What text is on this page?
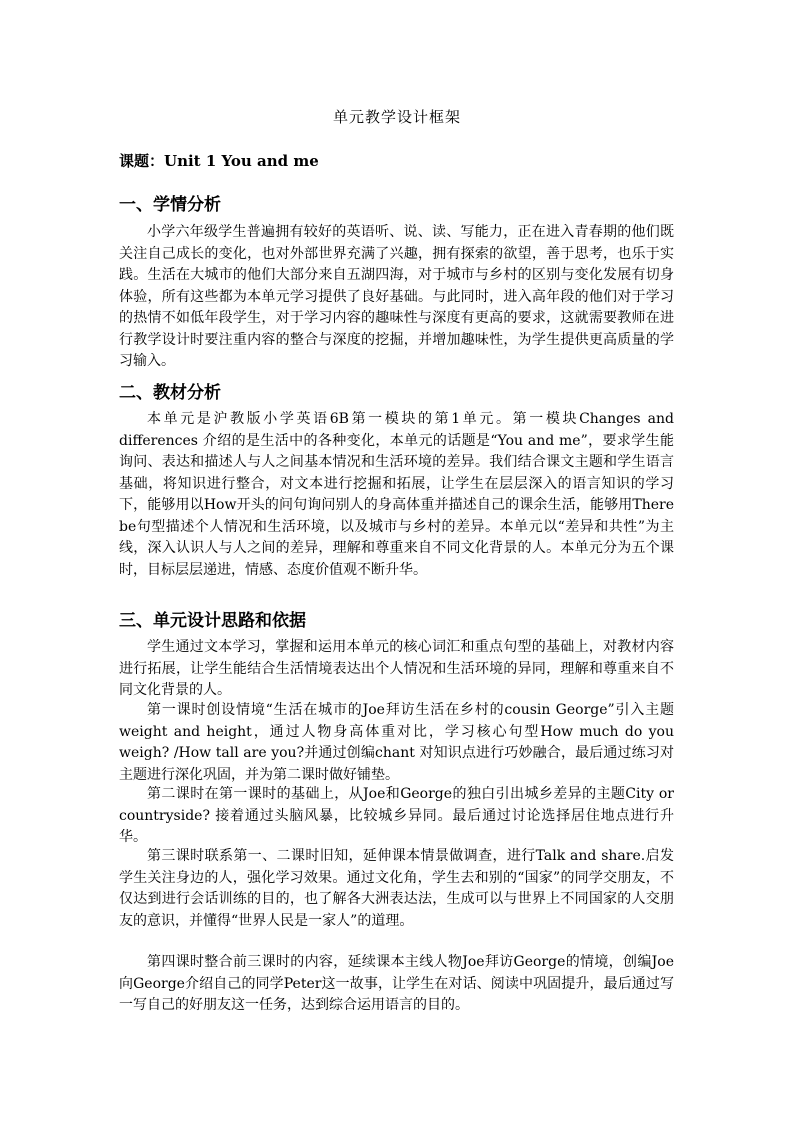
单元教学设计框架
课题：Unit 1 You and me
一、学情分析

小学六年级学生普遍拥有较好的英语听、说、读、写能力，正在进入青春期的他们既关注自己成长的变化，也对外部世界充满了兴趣，拥有探索的欲望，善于思考，也乐于实践。生活在大城市的他们大部分来自五湖四海，对于城市与乡村的区别与变化发展有切身体验，所有这些都为本单元学习提供了良好基础。与此同时，进入高年段的他们对于学习的热情不如低年段学生，对于学习内容的趣味性与深度有更高的要求，这就需要教师在进行教学设计时要注重内容的整合与深度的挖掘，并增加趣味性，为学生提供更高质量的学习输入。

二、教材分析

本单元是沪教版小学英语6B第一模块的第1单元。第一模块Changes and differences 介绍的是生活中的各种变化，本单元的话题是“You and me”，要求学生能询问、表达和描述人与人之间基本情况和生活环境的差异。我们结合课文主题和学生语言基础，将知识进行整合，对文本进行挖掘和拓展，让学生在层层深入的语言知识的学习下，能够用以How开头的问句询问别人的身高体重并描述自己的课余生活，能够用There be句型描述个人情况和生活环境，以及城市与乡村的差异。本单元以“差异和共性”为主线，深入认识人与人之间的差异，理解和尊重来自不同文化背景的人。本单元分为五个课时，目标层层递进，情感、态度价值观不断升华。

三、单元设计思路和依据

学生通过文本学习，掌握和运用本单元的核心词汇和重点句型的基础上，对教材内容进行拓展，让学生能结合生活情境表达出个人情况和生活环境的异同，理解和尊重来自不同文化背景的人。

第一课时创设情境“生活在城市的Joe拜访生活在乡村的cousin George”引入主题 weight and height，通过人物身高体重对比，学习核心句型How much do you weigh? /How tall are you?并通过创编chant 对知识点进行巧妙融合，最后通过练习对主题进行深化巩固，并为第二课时做好铺垫。

第二课时在第一课时的基础上，从Joe和George的独白引出城乡差异的主题City or countryside? 接着通过头脑风暴，比较城乡异同。最后通过讨论选择居住地点进行升华。

第三课时联系第一、二课时旧知，延伸课本情景做调查，进行Talk and share.启发学生关注身边的人，强化学习效果。通过文化角，学生去和别的“国家”的同学交朋友，不仅达到进行会话训练的目的，也了解各大洲表达法，生成可以与世界上不同国家的人交朋友的意识，并懂得“世界人民是一家人”的道理。

第四课时整合前三课时的内容，延续课本主线人物Joe拜访George的情境，创编Joe向George介绍自己的同学Peter这一故事，让学生在对话、阅读中巩固提升，最后通过写一写自己的好朋友这一任务，达到综合运用语言的目的。
